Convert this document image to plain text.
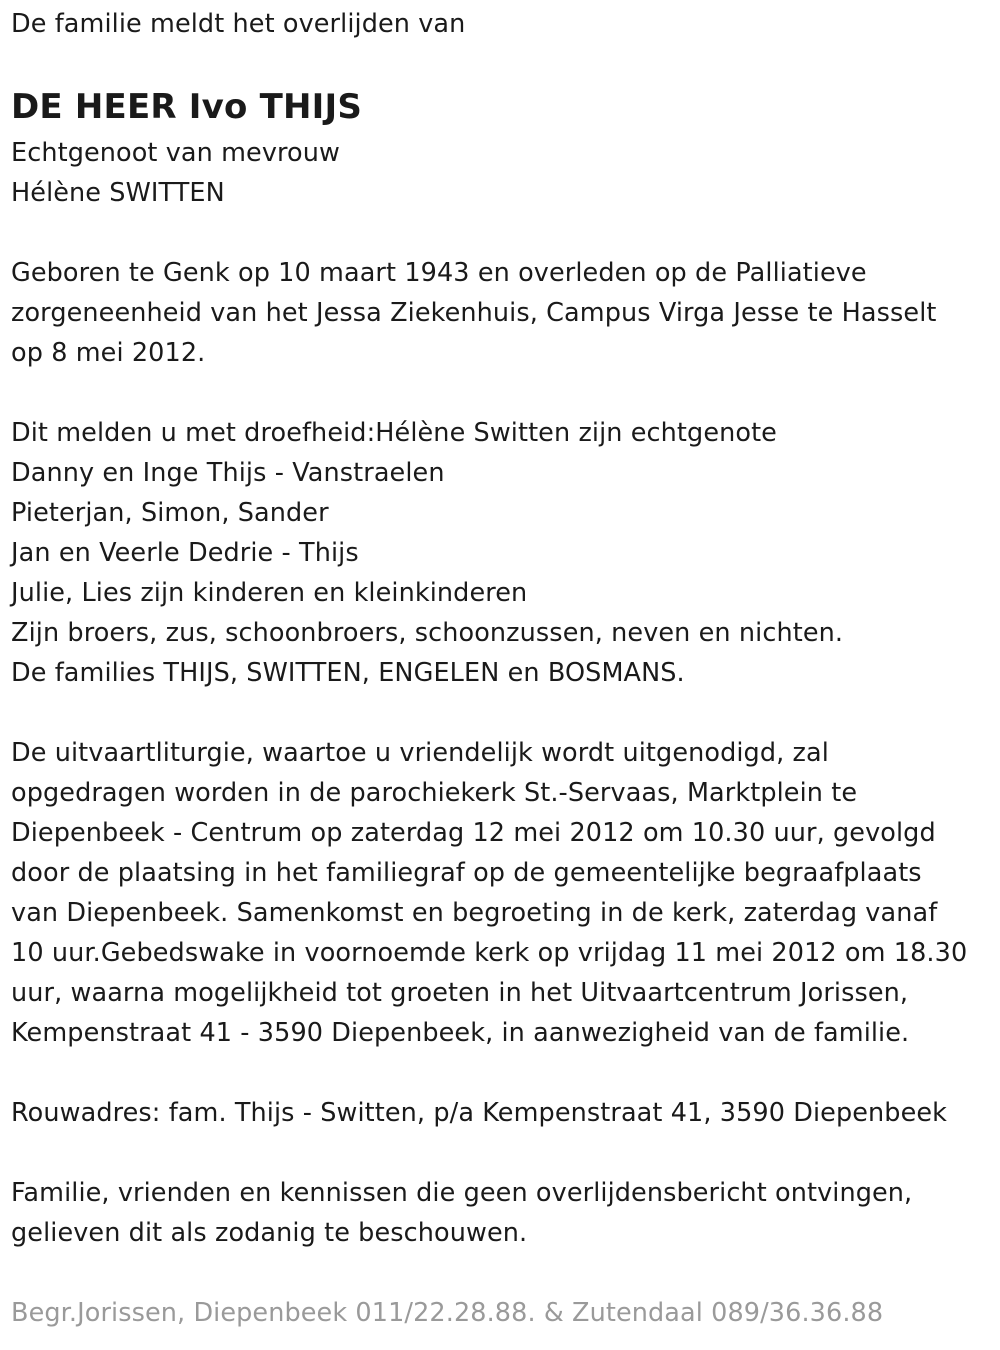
De familie meldt het overlijden van
DE HEER Ivo THIJS
Echtgenoot van mevrouw
Hélène SWITTEN
Geboren te Genk op 10 maart 1943 en overleden op de Palliatieve
zorgeneenheid van het Jessa Ziekenhuis, Campus Virga Jesse te Hasselt
op 8 mei 2012.
Dit melden u met droefheid:Hélène Switten zijn echtgenote
Danny en Inge Thijs - Vanstraelen
Pieterjan, Simon, Sander
Jan en Veerle Dedrie - Thijs
Julie, Lies zijn kinderen en kleinkinderen
Zijn broers, zus, schoonbroers, schoonzussen, neven en nichten.
De families THIJS, SWITTEN, ENGELEN en BOSMANS.
De uitvaartliturgie, waartoe u vriendelijk wordt uitgenodigd, zal
opgedragen worden in de parochiekerk St.-Servaas, Marktplein te
Diepenbeek - Centrum op zaterdag 12 mei 2012 om 10.30 uur, gevolgd
door de plaatsing in het familiegraf op de gemeentelijke begraafplaats
van Diepenbeek. Samenkomst en begroeting in de kerk, zaterdag vanaf
10 uur.Gebedswake in voornoemde kerk op vrijdag 11 mei 2012 om 18.30
uur, waarna mogelijkheid tot groeten in het Uitvaartcentrum Jorissen,
Kempenstraat 41 - 3590 Diepenbeek, in aanwezigheid van de familie.
Rouwadres: fam. Thijs - Switten, p/a Kempenstraat 41, 3590 Diepenbeek
Familie, vrienden en kennissen die geen overlijdensbericht ontvingen,
gelieven dit als zodanig te beschouwen.
Begr.Jorissen, Diepenbeek 011/22.28.88. & Zutendaal 089/36.36.88
